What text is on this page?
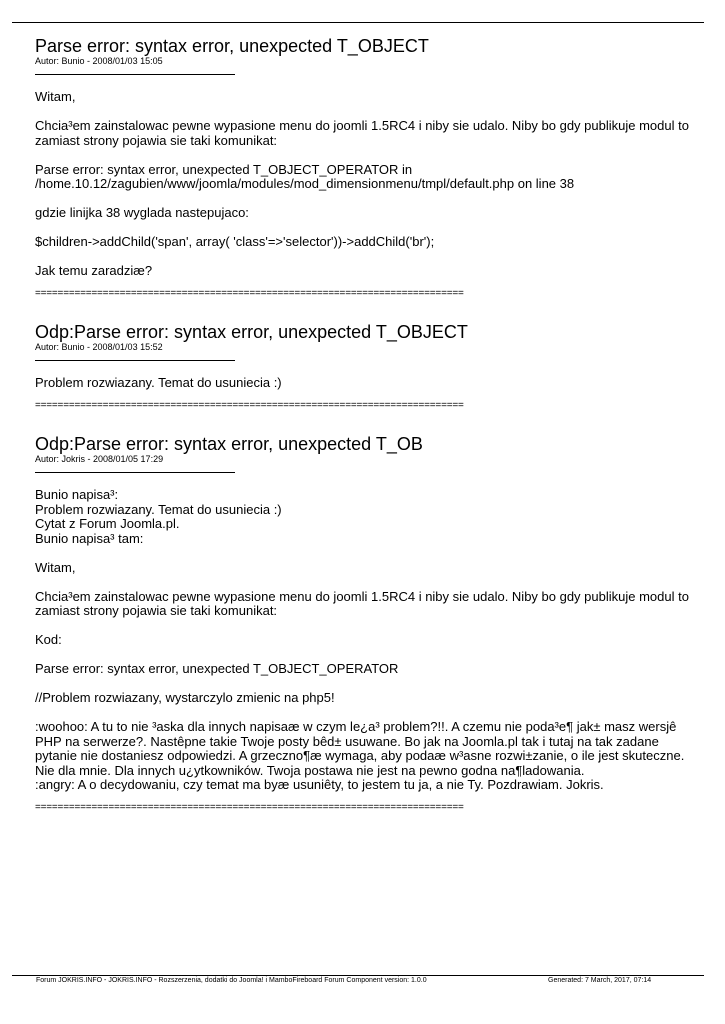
Parse error: syntax error, unexpected T_OBJECT
Autor: Bunio - 2008/01/03 15:05

Witam,

Chcia³em zainstalowac pewne wypasione menu do joomli 1.5RC4 i niby sie udalo. Niby bo gdy publikuje modul to zamiast strony pojawia sie taki komunikat:

Parse error: syntax error, unexpected T_OBJECT_OPERATOR in /home.10.12/zagubien/www/joomla/modules/mod_dimensionmenu/tmpl/default.php on line 38

gdzie linijka 38 wyglada nastepujaco:

$children->addChild('span', array( 'class'=>'selector'))->addChild('br');

Jak temu zaradziæ?

============================================================================
Odp:Parse error: syntax error, unexpected T_OBJECT
Autor: Bunio - 2008/01/03 15:52

Problem rozwiazany. Temat do usuniecia :)

============================================================================
Odp:Parse error: syntax error, unexpected T_OB
Autor: Jokris - 2008/01/05 17:29

Bunio napisa³:
Problem rozwiazany. Temat do usuniecia :)
Cytat z Forum Joomla.pl.
Bunio napisa³ tam:

Witam,

Chcia³em zainstalowac pewne wypasione menu do joomli 1.5RC4 i niby sie udalo. Niby bo gdy publikuje modul to zamiast strony pojawia sie taki komunikat:

Kod:

Parse error: syntax error, unexpected T_OBJECT_OPERATOR

//Problem rozwiazany, wystarczylo zmienic na php5!

:woohoo: A tu to nie ³aska dla innych napisaæ w czym le¿a³ problem?!!. A czemu nie poda³e¶ jak± masz wersjê PHP na serwerze?. Nastêpne takie Twoje posty bêd± usuwane. Bo jak na Joomla.pl tak i tutaj na tak zadane pytanie nie dostaniesz odpowiedzi. A grzeczno¶æ wymaga, aby podaæ w³asne rozwi±zanie, o ile jest skuteczne. Nie dla mnie. Dla innych u¿ytkowników. Twoja postawa nie jest na pewno godna na¶ladowania.
:angry: A o decydowaniu, czy temat ma byæ usuniêty, to jestem tu ja, a nie Ty. Pozdrawiam. Jokris.

============================================================================
Forum JOKRIS.INFO - JOKRIS.INFO - Rozszerzenia, dodatki do Joomla! i MamboFireboard Forum Component version: 1.0.0	Generated: 7 March, 2017, 07:14
